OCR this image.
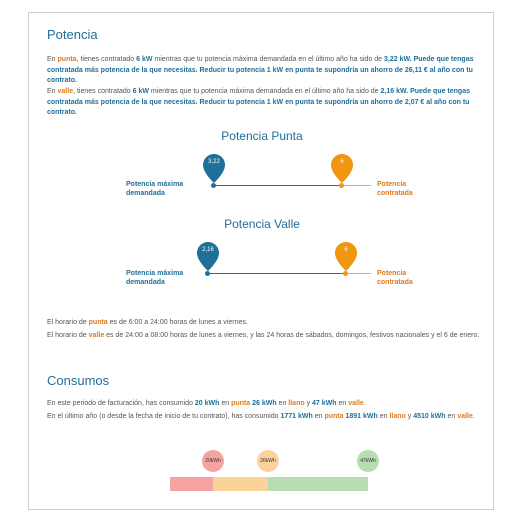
Potencia

En punta, tienes contratado 6 kW mientras que tu potencia máxima demandada en el último año ha sido de 3,22 kW. Puede que tengas contratada más potencia de la que necesitas. Reducir tu potencia 1 kW en punta te supondría un ahorro de 26,11 € al año con tu contrato.

En valle, tienes contratado 6 kW mientras que tu potencia máxima demandada en el último año ha sido de 2,16 kW. Puede que tengas contratada más potencia de la que necesitas. Reducir tu potencia 1 kW en punta te supondría un ahorro de 2,07 € al año con tu contrato.

Potencia Punta
Potencia máxima
demandada
3,22	6
Potencia
contratada
Potencia Valle
Potencia máxima
demandada
2,16	6
Potencia
contratada

El horario de punta es de 6:00 a 24:00 horas de lunes a viernes.

El horario de valle es de 24:00 a 08:00 horas de lunes a viernes, y las 24 horas de sábados, domingos, festivos nacionales y el 6 de enero.

Consumos

En este periodo de facturación, has consumido 20 kWh en punta 26 kWh en llano y 47 kWh en valle.

En el último año (o desde la fecha de inicio de tu contrato), has consumido 1771 kWh en punta 1891 kWh en llano y 4510 kWh en valle.

20kWh	26kWh	47kWh
